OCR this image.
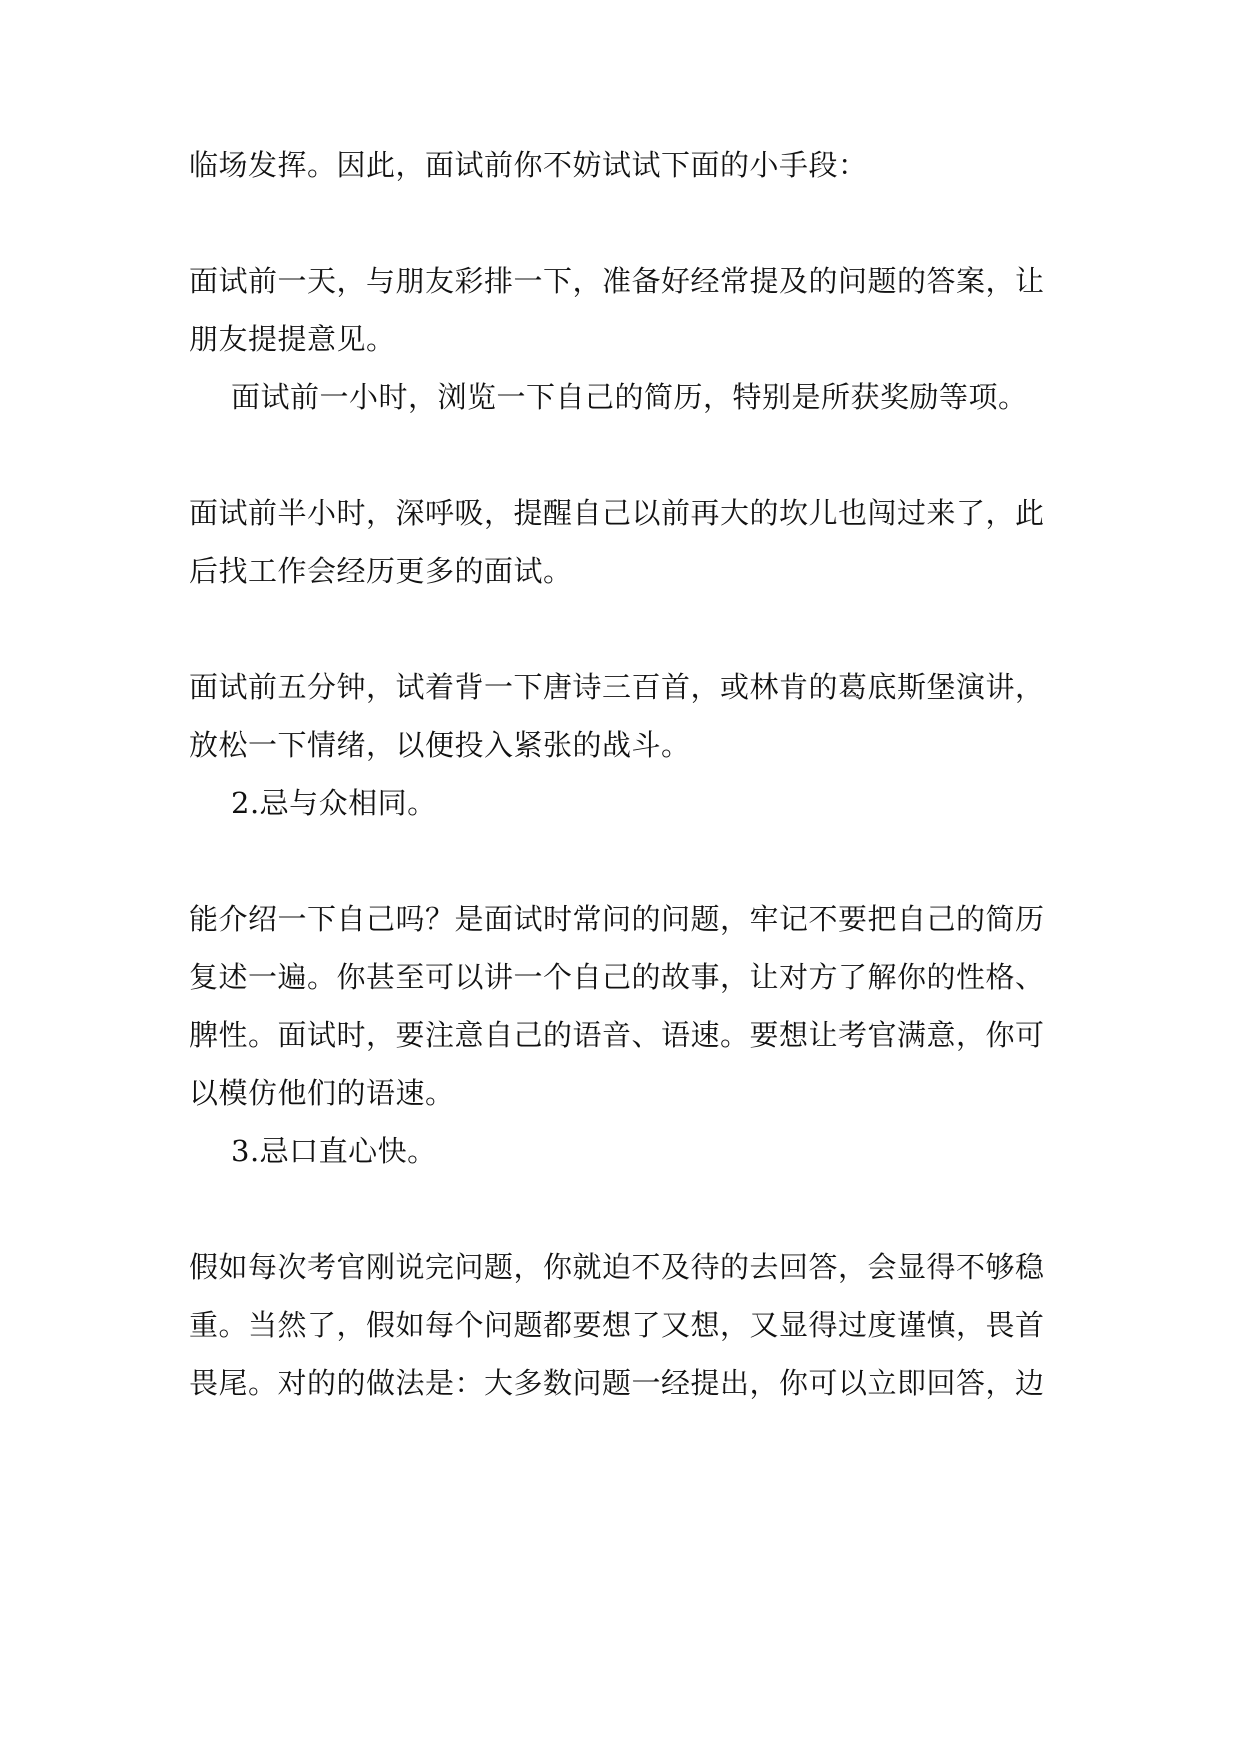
临场发挥。因此，面试前你不妨试试下面的小手段：
面试前一天，与朋友彩排一下，准备好经常提及的问题的答案，让
朋友提提意见。
面试前一小时，浏览一下自己的简历，特别是所获奖励等项。
面试前半小时，深呼吸，提醒自己以前再大的坎儿也闯过来了，此
后找工作会经历更多的面试。
面试前五分钟，试着背一下唐诗三百首，或林肯的葛底斯堡演讲，
放松一下情绪，以便投入紧张的战斗。
2.忌与众相同。
能介绍一下自己吗？是面试时常问的问题，牢记不要把自己的简历
复述一遍。你甚至可以讲一个自己的故事，让对方了解你的性格、
脾性。面试时，要注意自己的语音、语速。要想让考官满意，你可
以模仿他们的语速。
3.忌口直心快。
假如每次考官刚说完问题，你就迫不及待的去回答，会显得不够稳
重。当然了，假如每个问题都要想了又想，又显得过度谨慎，畏首
畏尾。对的的做法是：大多数问题一经提出，你可以立即回答，边
